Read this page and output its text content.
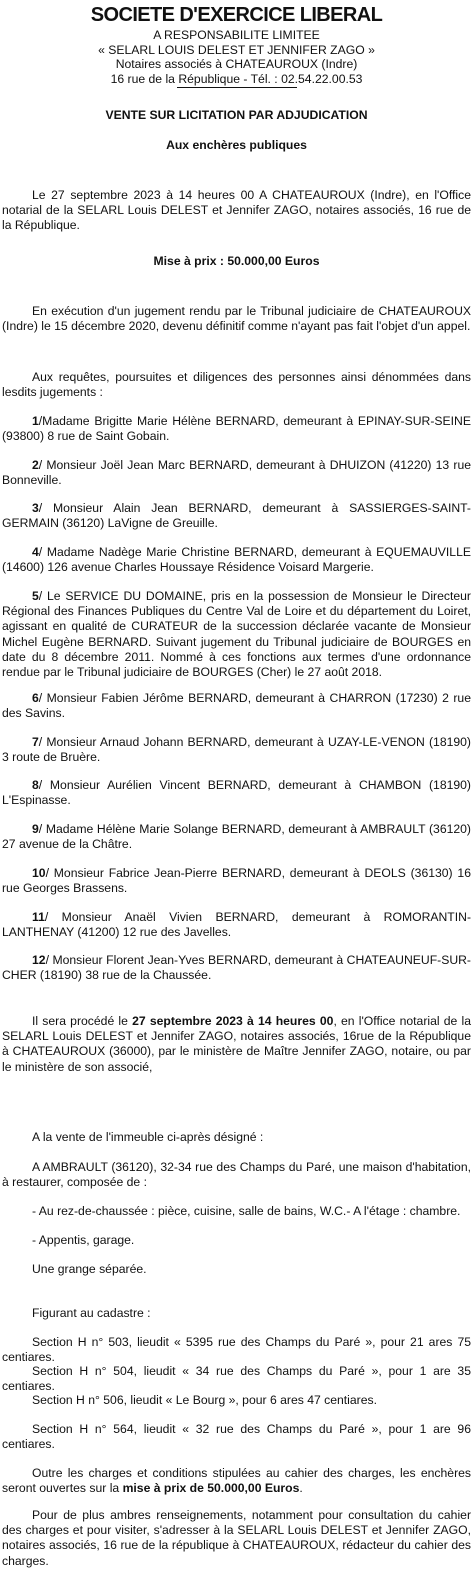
SOCIETE D'EXERCICE LIBERAL
A RESPONSABILITE LIMITEE
« SELARL LOUIS DELEST ET JENNIFER ZAGO »
Notaires associés à CHATEAUROUX (Indre)
16 rue de la République - Tél. : 02.54.22.00.53
VENTE SUR LICITATION PAR ADJUDICATION
Aux enchères publiques

Le 27 septembre 2023 à 14 heures 00 A CHATEAUROUX (Indre), en l'Office notarial de la SELARL Louis DELEST et Jennifer ZAGO, notaires associés, 16 rue de la République.

Mise à prix : 50.000,00 Euros

En exécution d'un jugement rendu par le Tribunal judiciaire de CHATEAUROUX (Indre) le 15 décembre 2020, devenu définitif comme n'ayant pas fait l'objet d'un appel.

Aux requêtes, poursuites et diligences des personnes ainsi dénommées dans lesdits jugements :

1/Madame Brigitte Marie Hélène BERNARD, demeurant à EPINAY-SUR-SEINE (93800) 8 rue de Saint Gobain.

2/ Monsieur Joël Jean Marc BERNARD, demeurant à DHUIZON (41220) 13 rue Bonneville.

3/ Monsieur Alain Jean BERNARD, demeurant à SASSIERGES-SAINT-GERMAIN (36120) LaVigne de Greuille.

4/ Madame Nadège Marie Christine BERNARD, demeurant à EQUEMAUVILLE (14600) 126 avenue Charles Houssaye Résidence Voisard Margerie.

5/ Le SERVICE DU DOMAINE, pris en la possession de Monsieur le Directeur Régional des Finances Publiques du Centre Val de Loire et du département du Loiret, agissant en qualité de CURATEUR de la succession déclarée vacante de Monsieur Michel Eugène BERNARD. Suivant jugement du Tribunal judiciaire de BOURGES en date du 8 décembre 2011. Nommé à ces fonctions aux termes d'une ordonnance rendue par le Tribunal judiciaire de BOURGES (Cher) le 27 août 2018.

6/ Monsieur Fabien Jérôme BERNARD, demeurant à CHARRON (17230) 2 rue des Savins.

7/ Monsieur Arnaud Johann BERNARD, demeurant à UZAY-LE-VENON (18190) 3 route de Bruère.

8/ Monsieur Aurélien Vincent BERNARD, demeurant à CHAMBON (18190) L'Espinasse.

9/ Madame Hélène Marie Solange BERNARD, demeurant à AMBRAULT (36120) 27 avenue de la Châtre.

10/ Monsieur Fabrice Jean-Pierre BERNARD, demeurant à DEOLS (36130) 16 rue Georges Brassens.

11/ Monsieur Anaël Vivien BERNARD, demeurant à ROMORANTIN-LANTHENAY (41200) 12 rue des Javelles.

12/ Monsieur Florent Jean-Yves BERNARD, demeurant à CHATEAUNEUF-SUR-CHER (18190) 38 rue de la Chaussée.

Il sera procédé le 27 septembre 2023 à 14 heures 00, en l'Office notarial de la SELARL Louis DELEST et Jennifer ZAGO, notaires associés, 16rue de la République à CHATEAUROUX (36000), par le ministère de Maître Jennifer ZAGO, notaire, ou par le ministère de son associé,

A la vente de l'immeuble ci-après désigné :

A AMBRAULT (36120), 32-34 rue des Champs du Paré, une maison d'habitation, à restaurer, composée de :

- Au rez-de-chaussée : pièce, cuisine, salle de bains, W.C.- A l'étage : chambre.

- Appentis, garage.

Une grange séparée.

Figurant au cadastre :

Section H n° 503, lieudit « 5395 rue des Champs du Paré », pour 21 ares 75 centiares.

Section H n° 504, lieudit « 34 rue des Champs du Paré », pour 1 are 35 centiares.

Section H n° 506, lieudit « Le Bourg », pour 6 ares 47 centiares.

Section H n° 564, lieudit « 32 rue des Champs du Paré », pour 1 are 96 centiares.

Outre les charges et conditions stipulées au cahier des charges, les enchères seront ouvertes sur la mise à prix de 50.000,00 Euros.

Pour de plus ambres renseignements, notamment pour consultation du cahier des charges et pour visiter, s'adresser à la SELARL Louis DELEST et Jennifer ZAGO, notaires associés, 16 rue de la république à CHATEAUROUX, rédacteur du cahier des charges.
